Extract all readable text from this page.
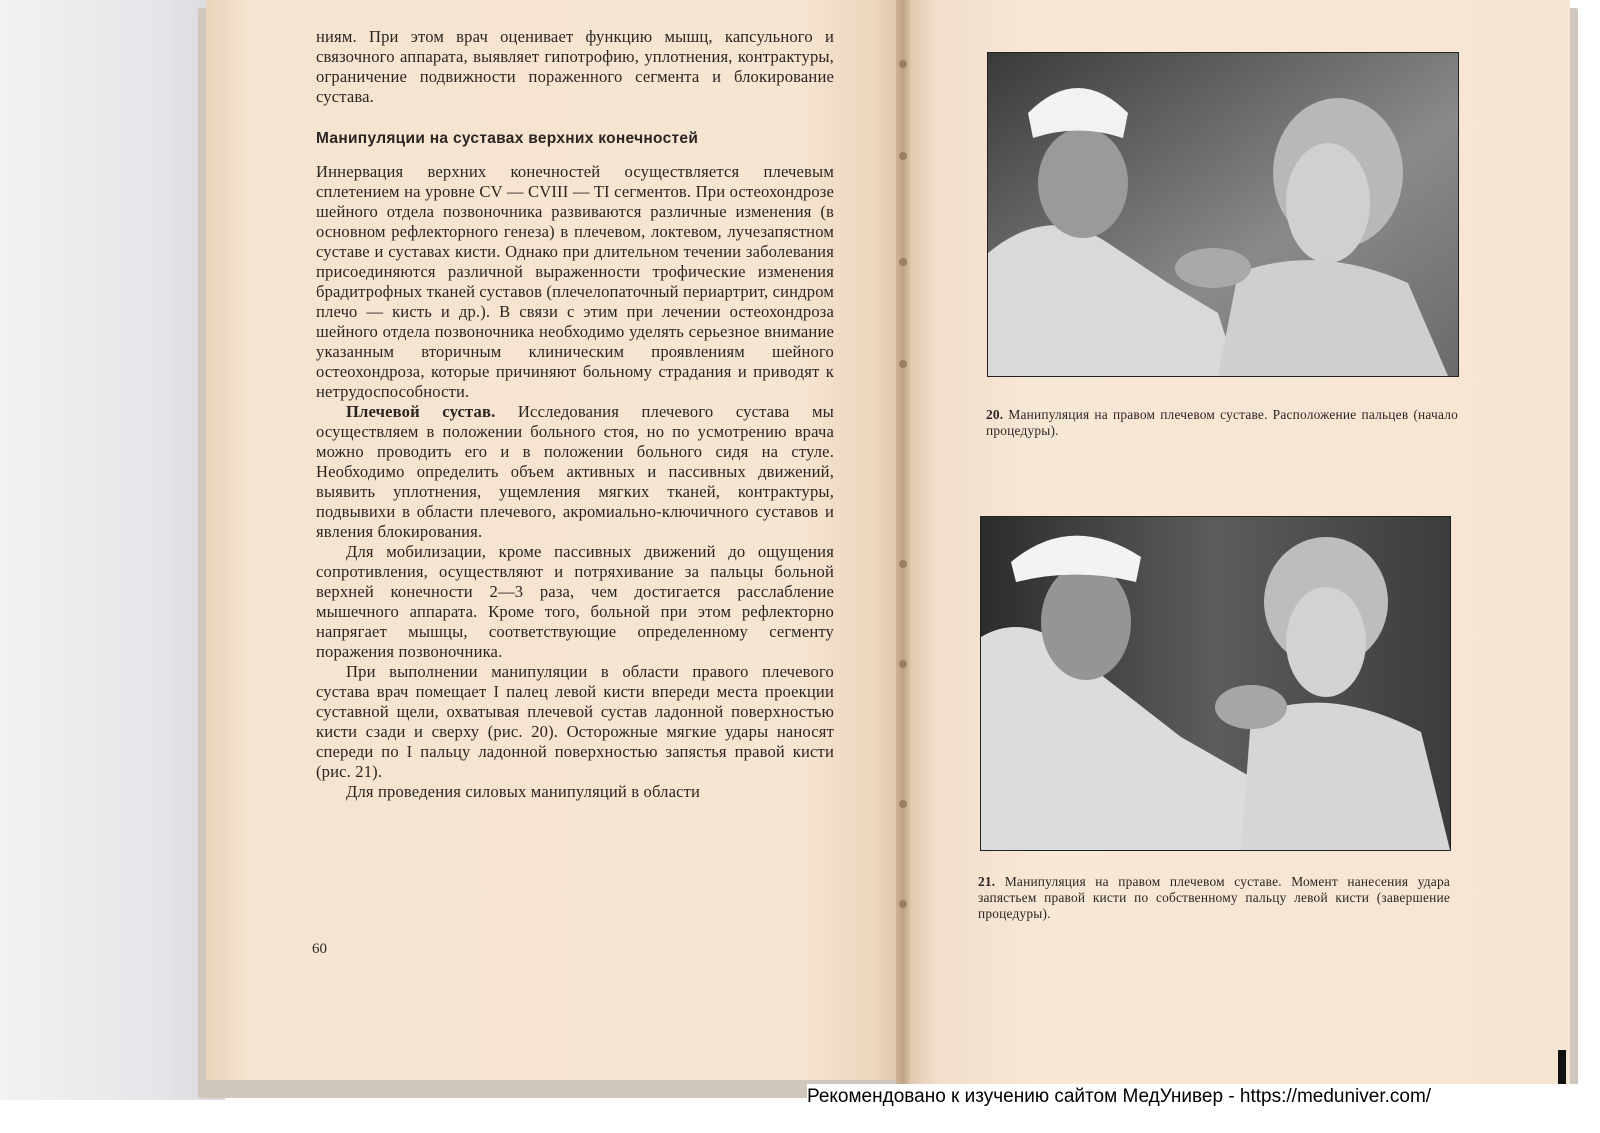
ниям. При этом врач оценивает функцию мышц, капсульного и связочного аппарата, выявляет гипотрофию, уплотнения, контрактуры, ограничение подвижности пораженного сегмента и блокирование сустава.

Манипуляции на суставах верхних конечностей

Иннервация верхних конечностей осуществляется плечевым сплетением на уровне CV — CVIII — TI сегментов. При остеохондрозе шейного отдела позвоночника развиваются различные изменения (в основном рефлекторного генеза) в плечевом, локтевом, лучезапястном суставе и суставах кисти. Однако при длительном течении заболевания присоединяются различной выраженности трофические изменения брадитрофных тканей суставов (плечелопаточный периартрит, синдром плечо — кисть и др.). В связи с этим при лечении остеохондроза шейного отдела позвоночника необходимо уделять серьезное внимание указанным вторичным клиническим проявлениям шейного остеохондроза, которые причиняют больному страдания и приводят к нетрудоспособности.

Плечевой сустав. Исследования плечевого сустава мы осуществляем в положении больного стоя, но по усмотрению врача можно проводить его и в положении больного сидя на стуле. Необходимо определить объем активных и пассивных движений, выявить уплотнения, ущемления мягких тканей, контрактуры, подвывихи в области плечевого, акромиально-ключичного суставов и явления блокирования.

Для мобилизации, кроме пассивных движений до ощущения сопротивления, осуществляют и потряхивание за пальцы больной верхней конечности 2—3 раза, чем достигается расслабление мышечного аппарата. Кроме того, больной при этом рефлекторно напрягает мышцы, соответствующие определенному сегменту поражения позвоночника.

При выполнении манипуляции в области правого плечевого сустава врач помещает I палец левой кисти впереди места проекции суставной щели, охватывая плечевой сустав ладонной поверхностью кисти сзади и сверху (рис. 20). Осторожные мягкие удары наносят спереди по I пальцу ладонной поверхностью запястья правой кисти (рис. 21).

Для проведения силовых манипуляций в области

60
20. Манипуляция на правом плечевом суставе. Расположение пальцев (начало процедуры).
21. Манипуляция на правом плечевом суставе. Момент нанесения удара запястьем правой кисти по собственному пальцу левой кисти (завершение процедуры).
Рекомендовано к изучению сайтом МедУнивер - https://meduniver.com/
